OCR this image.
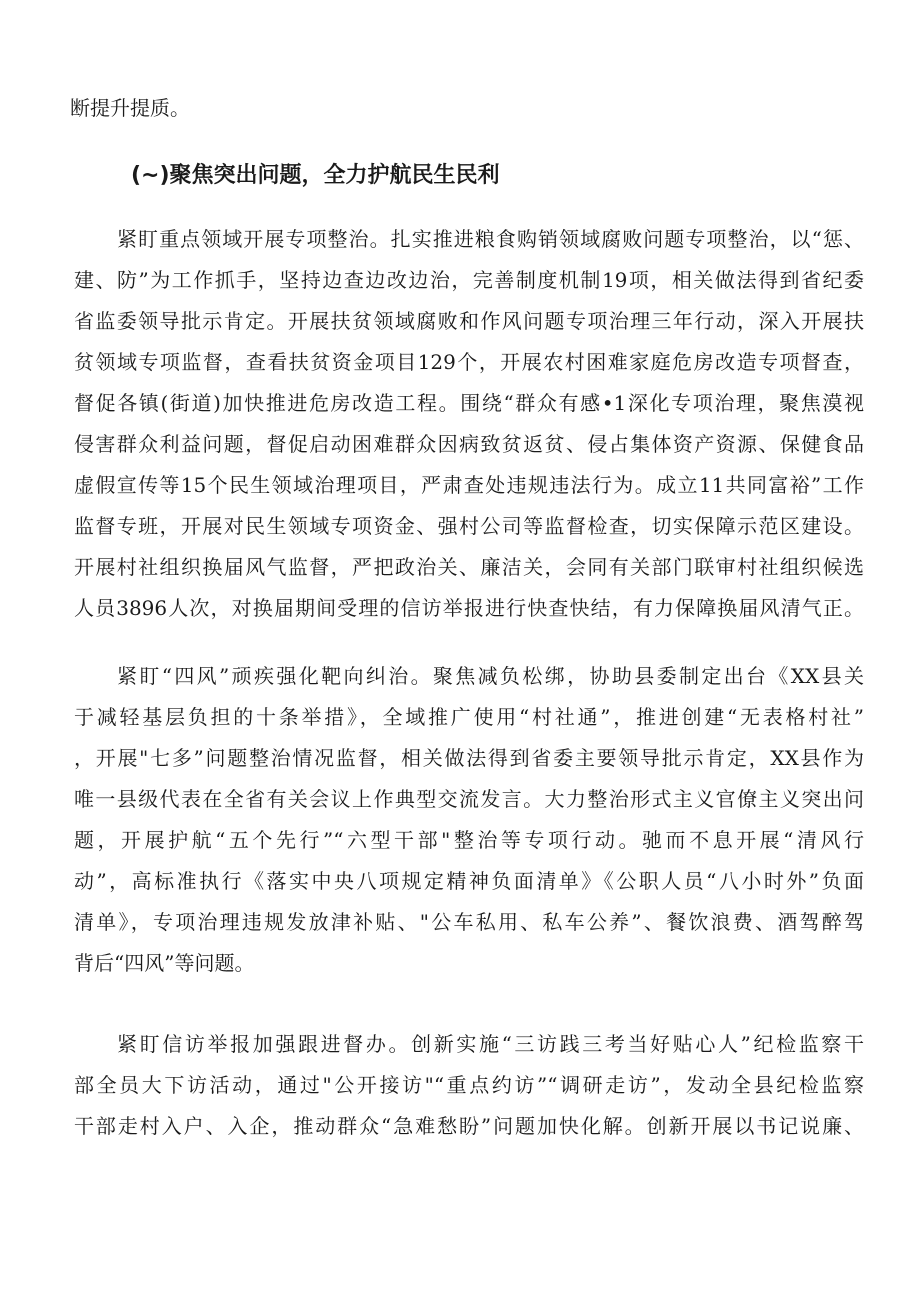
断提升提质。
(~)聚焦突出问题，全力护航民生民利
紧盯重点领域开展专项整治。扎实推进粮食购销领域腐败问题专项整治，以“惩、
建、防”为工作抓手，坚持边查边改边治，完善制度机制19项，相关做法得到省纪委
省监委领导批示肯定。开展扶贫领域腐败和作风问题专项治理三年行动，深入开展扶
贫领域专项监督，查看扶贫资金项目129个，开展农村困难家庭危房改造专项督查，
督促各镇(街道)加快推进危房改造工程。围绕“群众有感•1深化专项治理，聚焦漠视
侵害群众利益问题，督促启动困难群众因病致贫返贫、侵占集体资产资源、保健食品
虚假宣传等15个民生领域治理项目，严肃查处违规违法行为。成立11共同富裕”工作
监督专班，开展对民生领域专项资金、强村公司等监督检查，切实保障示范区建设。
开展村社组织换届风气监督，严把政治关、廉洁关，会同有关部门联审村社组织候选
人员3896人次，对换届期间受理的信访举报进行快查快结，有力保障换届风清气正。
紧盯“四风”顽疾强化靶向纠治。聚焦减负松绑，协助县委制定出台《XX县关
于减轻基层负担的十条举措》，全域推广使用“村社通”，推进创建“无表格村社”
，开展"七多”问题整治情况监督，相关做法得到省委主要领导批示肯定，XX县作为
唯一县级代表在全省有关会议上作典型交流发言。大力整治形式主义官僚主义突出问
题，开展护航“五个先行”“六型干部"整治等专项行动。驰而不息开展“清风行
动”，高标准执行《落实中央八项规定精神负面清单》《公职人员“八小时外”负面
清单》，专项治理违规发放津补贴、"公车私用、私车公养”、餐饮浪费、酒驾醉驾
背后“四风”等问题。
紧盯信访举报加强跟进督办。创新实施“三访践三考当好贴心人”纪检监察干
部全员大下访活动，通过"公开接访"“重点约访”“调研走访”，发动全县纪检监察
干部走村入户、入企，推动群众“急难愁盼”问题加快化解。创新开展以书记说廉、
